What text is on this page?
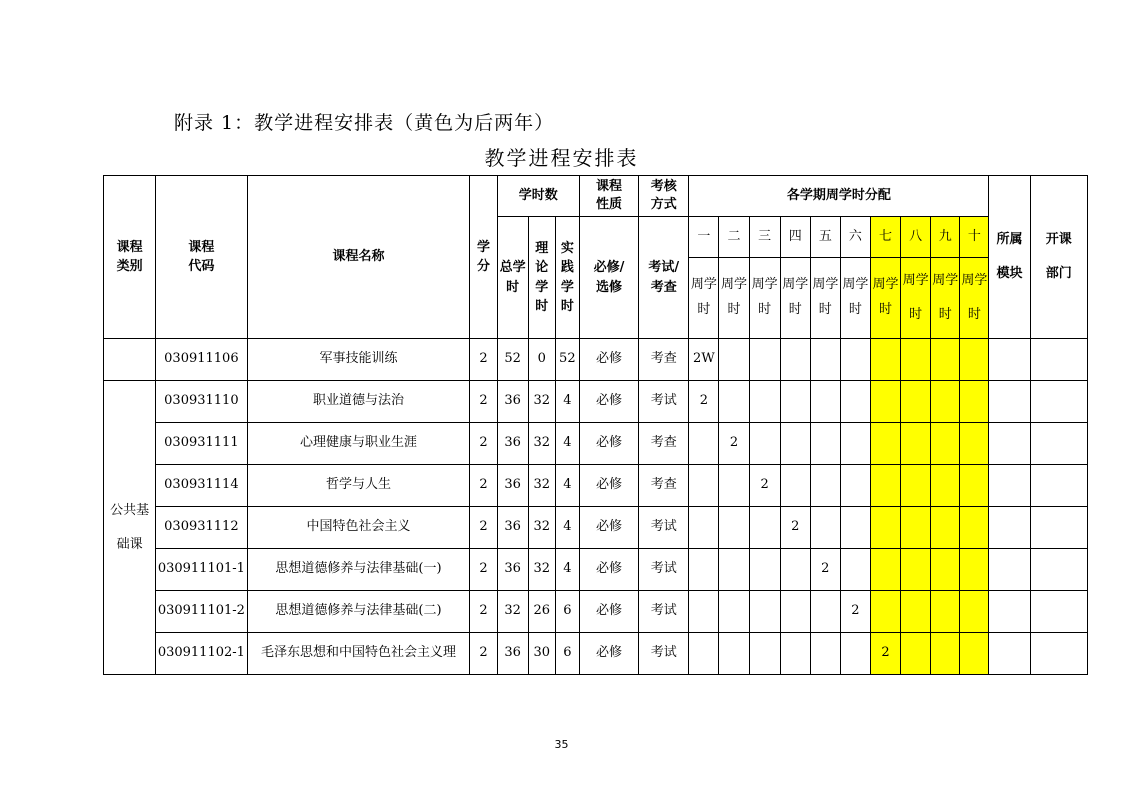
附录 1：教学进程安排表（黄色为后两年）
教学进程安排表
课程类别	课程代码	课程名称	学分	学时数			课程性质	考核方式	各学期周学时分配										所属模块	开课部门
				总学时	理论学时	实践学时	必修/选修	考试/考查	一	二	三	四	五	六	七	八	九	十		
									周学时	周学时	周学时	周学时	周学时	周学时	周学时	周学时	周学时	周学时		
	030911106	军事技能训练	2	52	0	52	必修	考查	2W											
公共基础课	030931110	职业道德与法治	2	36	32	4	必修	考试	2											
	030931111	心理健康与职业生涯	2	36	32	4	必修	考查		2										
	030931114	哲学与人生	2	36	32	4	必修	考查			2									
	030931112	中国特色社会主义	2	36	32	4	必修	考试				2								
	030911101-1	思想道德修养与法律基础(一)	2	36	32	4	必修	考试					2							
	030911101-2	思想道德修养与法律基础(二)	2	32	26	6	必修	考试						2						
	030911102-1	毛泽东思想和中国特色社会主义理	2	36	30	6	必修	考试							2					
35
